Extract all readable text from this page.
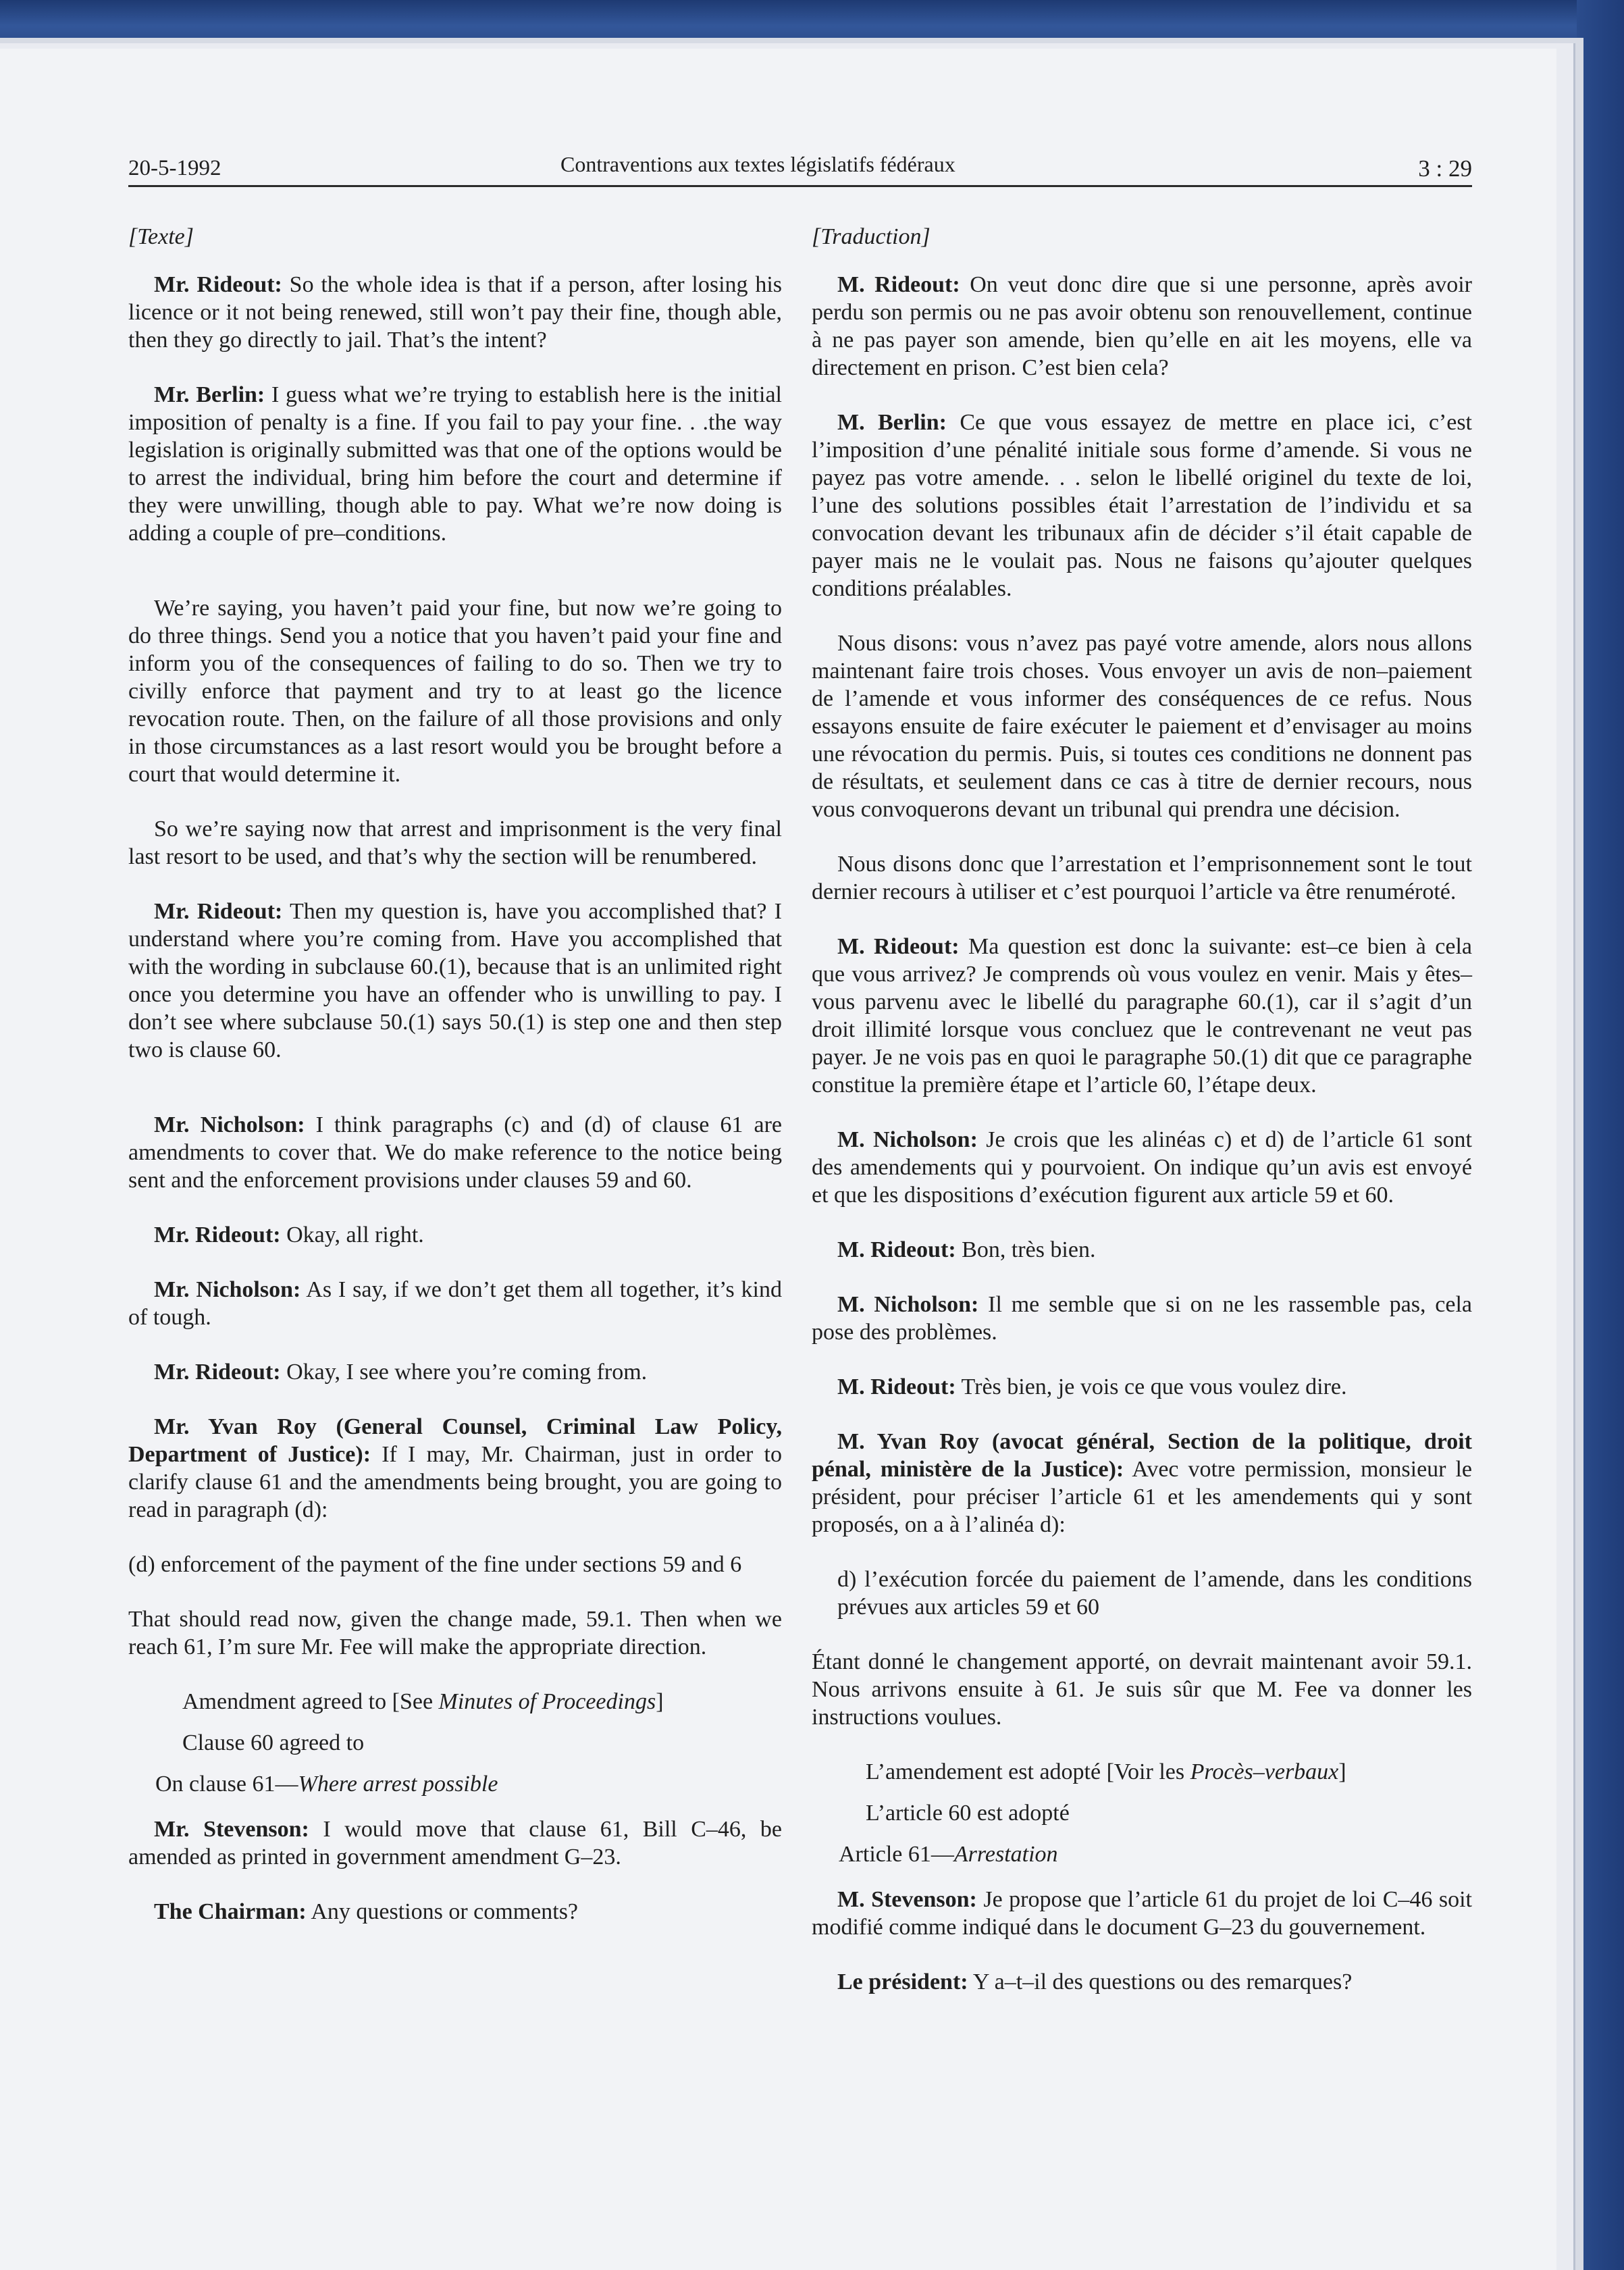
20-5-1992	Contraventions aux textes législatifs fédéraux	3 : 29

[Texte]

Mr. Rideout: So the whole idea is that if a person, after losing his licence or it not being renewed, still won’t pay their fine, though able, then they go directly to jail. That’s the intent?

Mr. Berlin: I guess what we’re trying to establish here is the initial imposition of penalty is a fine. If you fail to pay your fine. . .the way legislation is originally submitted was that one of the options would be to arrest the individual, bring him before the court and determine if they were unwilling, though able to pay. What we’re now doing is adding a couple of pre–conditions.

We’re saying, you haven’t paid your fine, but now we’re going to do three things. Send you a notice that you haven’t paid your fine and inform you of the consequences of failing to do so. Then we try to civilly enforce that payment and try to at least go the licence revocation route. Then, on the failure of all those provisions and only in those circumstances as a last resort would you be brought before a court that would determine it.

So we’re saying now that arrest and imprisonment is the very final last resort to be used, and that’s why the section will be renumbered.

Mr. Rideout: Then my question is, have you accomplished that? I understand where you’re coming from. Have you accomplished that with the wording in subclause 60.(1), because that is an unlimited right once you determine you have an offender who is unwilling to pay. I don’t see where subclause 50.(1) says 50.(1) is step one and then step two is clause 60.

Mr. Nicholson: I think paragraphs (c) and (d) of clause 61 are amendments to cover that. We do make reference to the notice being sent and the enforcement provisions under clauses 59 and 60.

Mr. Rideout: Okay, all right.

Mr. Nicholson: As I say, if we don’t get them all together, it’s kind of tough.

Mr. Rideout: Okay, I see where you’re coming from.

Mr. Yvan Roy (General Counsel, Criminal Law Policy, Department of Justice): If I may, Mr. Chairman, just in order to clarify clause 61 and the amendments being brought, you are going to read in paragraph (d):

(d) enforcement of the payment of the fine under sections 59 and 6

That should read now, given the change made, 59.1. Then when we reach 61, I’m sure Mr. Fee will make the appropriate direction.

Amendment agreed to [See Minutes of Proceedings]

Clause 60 agreed to

On clause 61—Where arrest possible

Mr. Stevenson: I would move that clause 61, Bill C–46, be amended as printed in government amendment G–23.

The Chairman: Any questions or comments?

[Traduction]

M. Rideout: On veut donc dire que si une personne, après avoir perdu son permis ou ne pas avoir obtenu son renouvellement, continue à ne pas payer son amende, bien qu’elle en ait les moyens, elle va directement en prison. C’est bien cela?

M. Berlin: Ce que vous essayez de mettre en place ici, c’est l’imposition d’une pénalité initiale sous forme d’amende. Si vous ne payez pas votre amende. . . selon le libellé originel du texte de loi, l’une des solutions possibles était l’arrestation de l’individu et sa convocation devant les tribunaux afin de décider s’il était capable de payer mais ne le voulait pas. Nous ne faisons qu’ajouter quelques conditions préalables.

Nous disons: vous n’avez pas payé votre amende, alors nous allons maintenant faire trois choses. Vous envoyer un avis de non–paiement de l’amende et vous informer des conséquences de ce refus. Nous essayons ensuite de faire exécuter le paiement et d’envisager au moins une révocation du permis. Puis, si toutes ces conditions ne donnent pas de résultats, et seulement dans ce cas à titre de dernier recours, nous vous convoquerons devant un tribunal qui prendra une décision.

Nous disons donc que l’arrestation et l’emprisonnement sont le tout dernier recours à utiliser et c’est pourquoi l’article va être renuméroté.

M. Rideout: Ma question est donc la suivante: est–ce bien à cela que vous arrivez? Je comprends où vous voulez en venir. Mais y êtes–vous parvenu avec le libellé du paragraphe 60.(1), car il s’agit d’un droit illimité lorsque vous concluez que le contrevenant ne veut pas payer. Je ne vois pas en quoi le paragraphe 50.(1) dit que ce paragraphe constitue la première étape et l’article 60, l’étape deux.

M. Nicholson: Je crois que les alinéas c) et d) de l’article 61 sont des amendements qui y pourvoient. On indique qu’un avis est envoyé et que les dispositions d’exécution figurent aux article 59 et 60.

M. Rideout: Bon, très bien.

M. Nicholson: Il me semble que si on ne les rassemble pas, cela pose des problèmes.

M. Rideout: Très bien, je vois ce que vous voulez dire.

M. Yvan Roy (avocat général, Section de la politique, droit pénal, ministère de la Justice): Avec votre permission, monsieur le président, pour préciser l’article 61 et les amendements qui y sont proposés, on a à l’alinéa d):

d) l’exécution forcée du paiement de l’amende, dans les conditions prévues aux articles 59 et 60

Étant donné le changement apporté, on devrait maintenant avoir 59.1. Nous arrivons ensuite à 61. Je suis sûr que M. Fee va donner les instructions voulues.

L’amendement est adopté [Voir les Procès–verbaux]

L’article 60 est adopté

Article 61—Arrestation

M. Stevenson: Je propose que l’article 61 du projet de loi C–46 soit modifié comme indiqué dans le document G–23 du gouvernement.

Le président: Y a–t–il des questions ou des remarques?
